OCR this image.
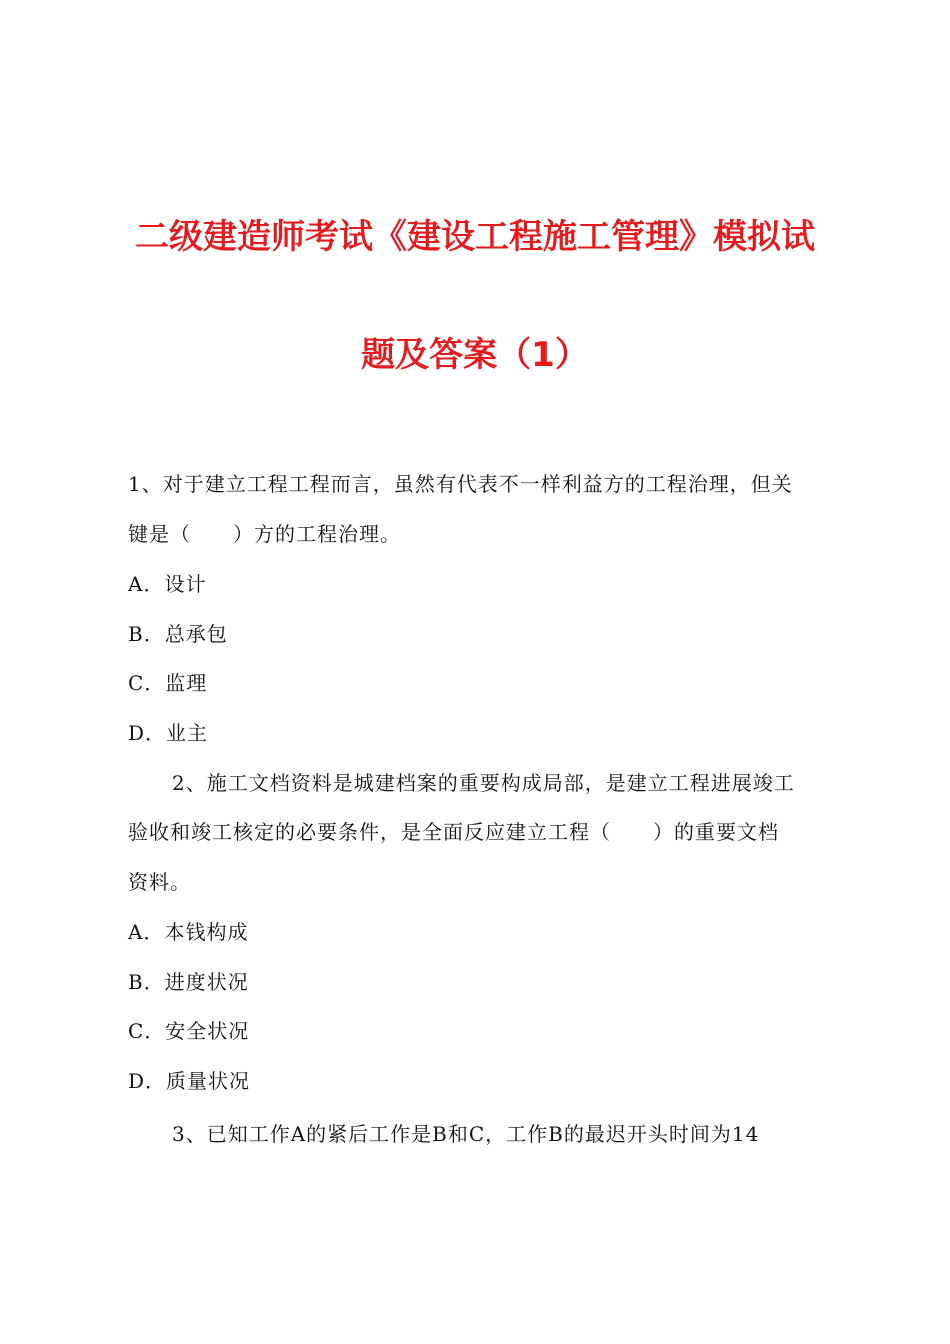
二级建造师考试《建设工程施工管理》模拟试
题及答案（1）
1、对于建立工程工程而言，虽然有代表不一样利益方的工程治理，但关
键是（　　）方的工程治理。
A．设计
B．总承包
C．监理
D．业主
2、施工文档资料是城建档案的重要构成局部，是建立工程进展竣工
验收和竣工核定的必要条件，是全面反应建立工程（　　）的重要文档
资料。
A．本钱构成
B．进度状况
C．安全状况
D．质量状况
3、已知工作A的紧后工作是B和C，工作B的最迟开头时间为14
